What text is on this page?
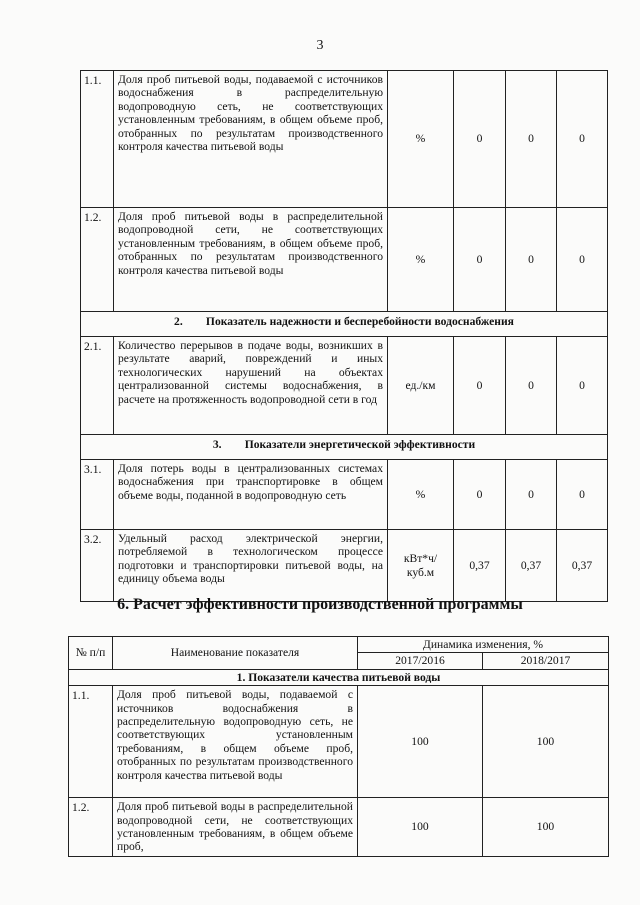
3
1.1.	Доля проб питьевой воды, подаваемой с источников водоснабжения в распределительную водопроводную сеть, не соответствующих установленным требованиям, в общем объеме проб, отобранных по результатам производственного контроля качества питьевой воды	%	0	0	0
1.2.	Доля проб питьевой воды в распределительной водопроводной сети, не соответствующих установленным требованиям, в общем объеме проб, отобранных по результатам производственного контроля качества питьевой воды	%	0	0	0
2.        Показатель надежности и бесперебойности водоснабжения					
2.1.	Количество перерывов в подаче воды, возникших в результате аварий, повреждений и иных технологических нарушений на объектах централизованной системы водоснабжения, в расчете на протяженность водопроводной сети в год	ед./км	0	0	0
3.        Показатели энергетической эффективности					
3.1.	Доля потерь воды в централизованных системах водоснабжения при транспортировке в общем объеме воды, поданной в водопроводную сеть	%	0	0	0
3.2.	Удельный расход электрической энергии, потребляемой в технологическом процессе подготовки и транспортировки питьевой воды, на единицу объема воды	кВт*ч/ куб.м	0,37	0,37	0,37
6. Расчет эффективности производственной программы
№ п/п	Наименование показателя	Динамика изменения, %	
		2017/2016	2018/2017
1. Показатели качества питьевой воды			
1.1.	Доля проб питьевой воды, подаваемой с источников водоснабжения в распределительную водопроводную сеть, не соответствующих установленным требованиям, в общем объеме проб, отобранных по результатам производственного контроля качества питьевой воды	100	100
1.2.	Доля проб питьевой воды в распределительной водопроводной сети, не соответствующих установленным требованиям, в общем объеме проб,	100	100
